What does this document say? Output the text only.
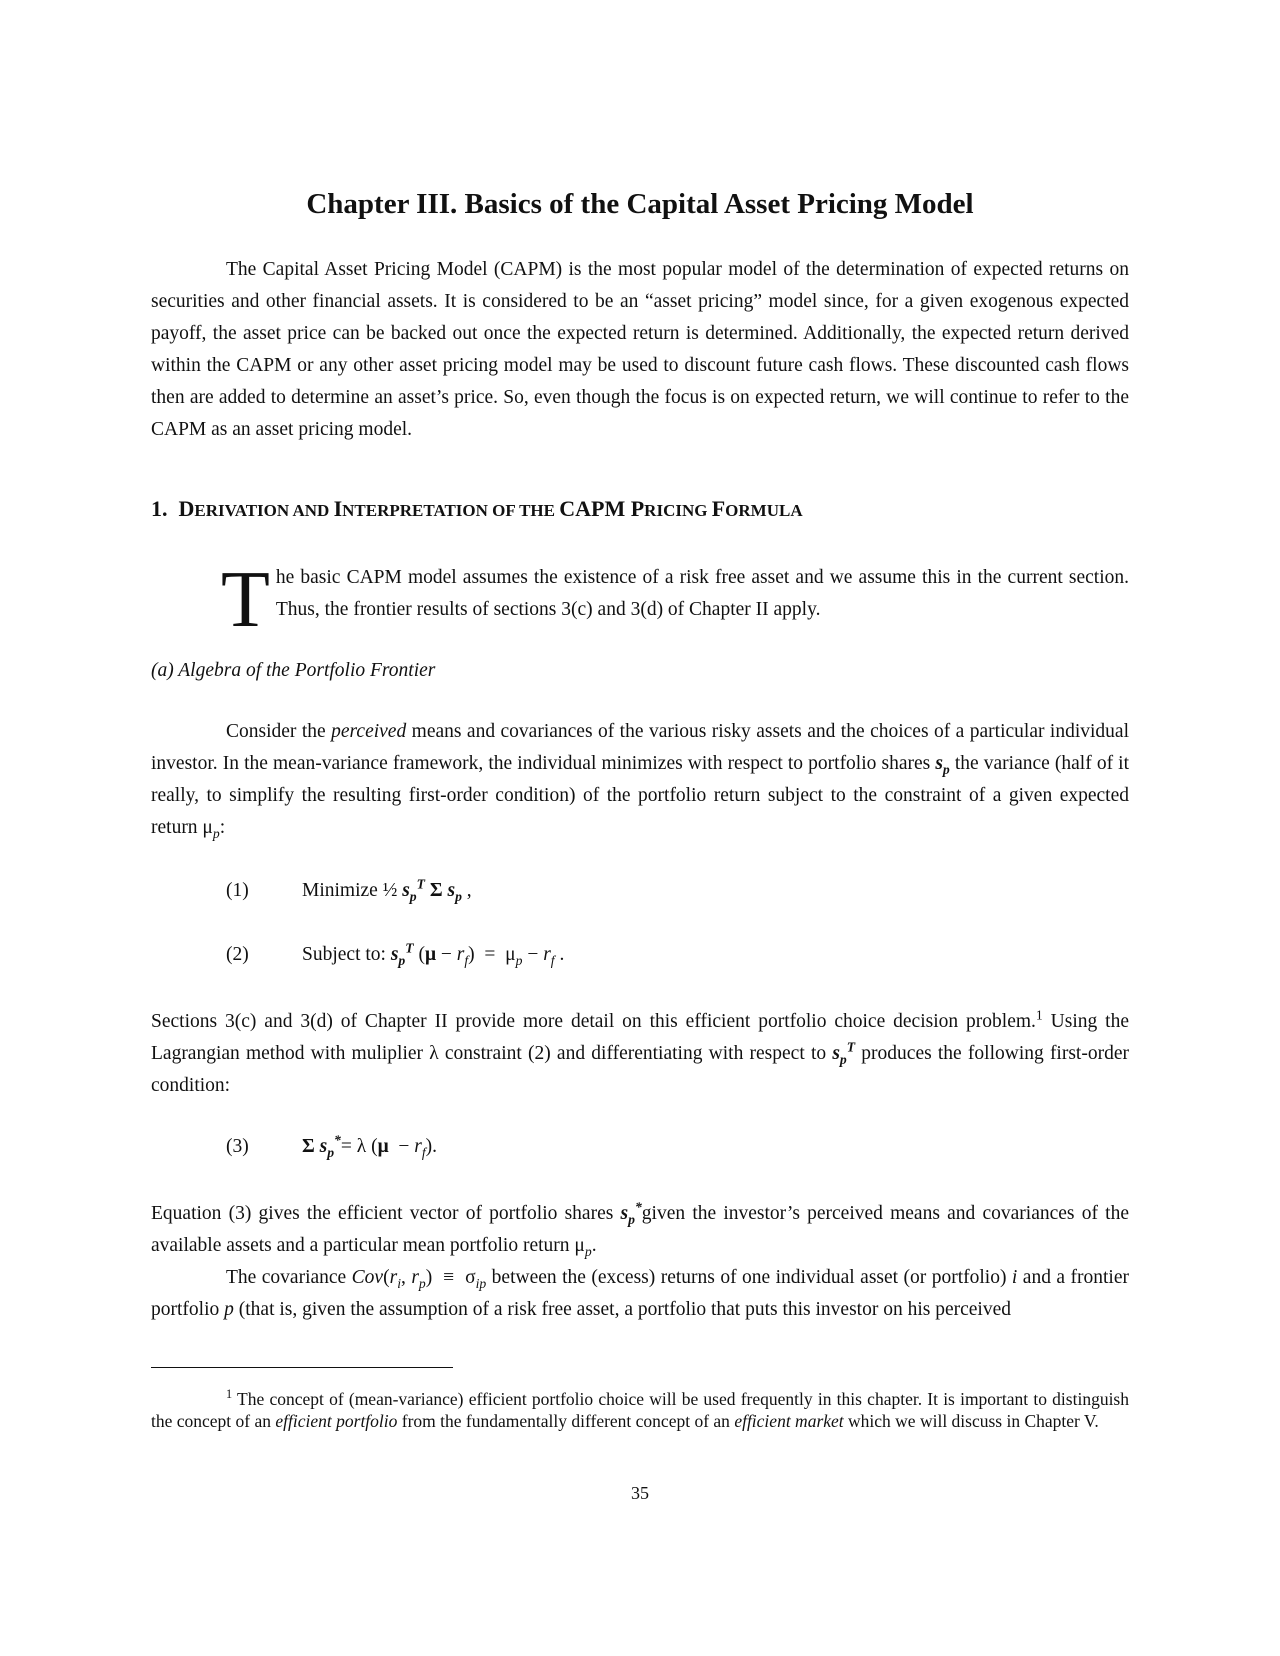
Chapter III. Basics of the Capital Asset Pricing Model

The Capital Asset Pricing Model (CAPM) is the most popular model of the determination of expected returns on securities and other financial assets. It is considered to be an “asset pricing” model since, for a given exogenous expected payoff, the asset price can be backed out once the expected return is determined. Additionally, the expected return derived within the CAPM or any other asset pricing model may be used to discount future cash flows. These discounted cash flows then are added to determine an asset’s price. So, even though the focus is on expected return, we will continue to refer to the CAPM as an asset pricing model.

1. DERIVATION AND INTERPRETATION OF THE CAPM PRICING FORMULA
T he basic CAPM model assumes the existence of a risk free asset and we assume this in the current section. Thus, the frontier results of sections 3(c) and 3(d) of Chapter II apply.

(a) Algebra of the Portfolio Frontier

Consider the perceived means and covariances of the various risky assets and the choices of a particular individual investor. In the mean-variance framework, the individual minimizes with respect to portfolio shares $s_p$ the variance (half of it really, to simplify the resulting first-order condition) of the portfolio return subject to the constraint of a given expected return $\mu_p$:

(1)	Minimize ½ $s_p^T$ Σ $s_p$ ,
(2)	Subject to: $s_p^T$ $(\mu - r_f) = \mu_p - r_f$ .

Sections 3(c) and 3(d) of Chapter II provide more detail on this efficient portfolio choice decision problem.$^1$ Using the Lagrangian method with muliplier λ constraint (2) and differentiating with respect to $s_p^T$ produces the following first-order condition:

(3)	Σ $s_p^*= \lambda$ $(\mu - r_f)$.

Equation (3) gives the efficient vector of portfolio shares $s_p^*given$ the investor’s perceived means and covariances of the available assets and a particular mean portfolio return $\mu_p$.

The covariance $Cov(r_i$, $r_p) \equiv \sigma_{ip}$ between the (excess) returns of one individual asset (or portfolio) i and a frontier portfolio p (that is, given the assumption of a risk free asset, a portfolio that puts this investor on his perceived

$^1$ The concept of (mean-variance) efficient portfolio choice will be used frequently in this chapter. It is important to distinguish the concept of an efficient portfolio from the fundamentally different concept of an efficient market which we will discuss in Chapter V.
35
